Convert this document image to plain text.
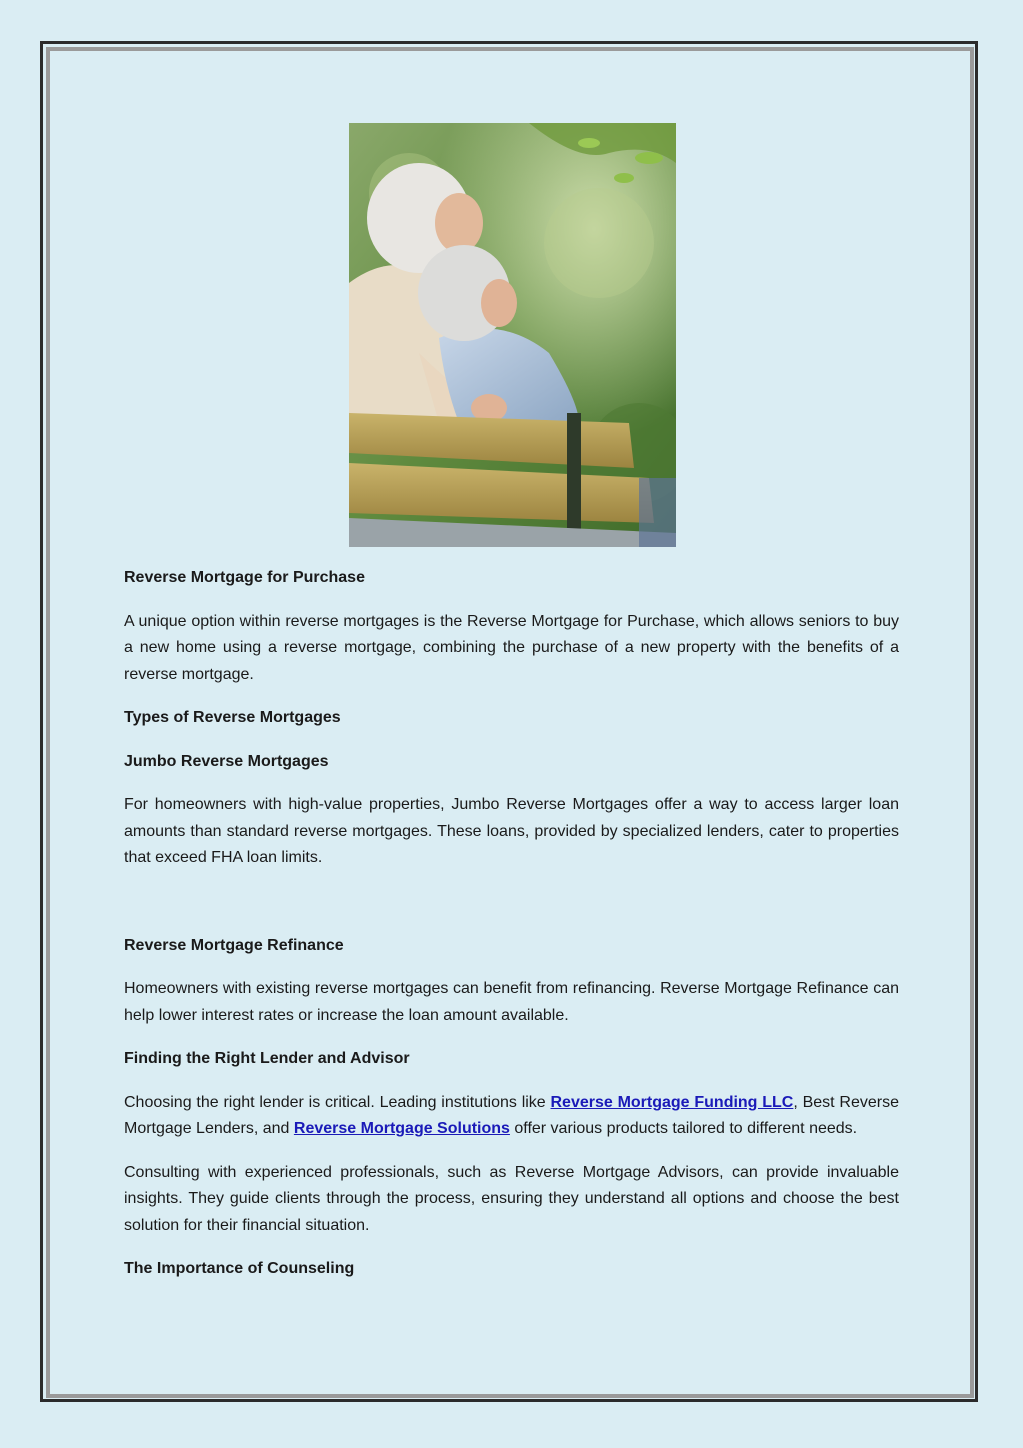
Reverse Mortgage for Purchase

A unique option within reverse mortgages is the Reverse Mortgage for Purchase, which allows seniors to buy a new home using a reverse mortgage, combining the purchase of a new property with the benefits of a reverse mortgage.

Types of Reverse Mortgages

Jumbo Reverse Mortgages

For homeowners with high-value properties, Jumbo Reverse Mortgages offer a way to access larger loan amounts than standard reverse mortgages. These loans, provided by specialized lenders, cater to properties that exceed FHA loan limits.

Reverse Mortgage Refinance

Homeowners with existing reverse mortgages can benefit from refinancing. Reverse Mortgage Refinance can help lower interest rates or increase the loan amount available.

Finding the Right Lender and Advisor

Choosing the right lender is critical. Leading institutions like Reverse Mortgage Funding LLC, Best Reverse Mortgage Lenders, and Reverse Mortgage Solutions offer various products tailored to different needs.

Consulting with experienced professionals, such as Reverse Mortgage Advisors, can provide invaluable insights. They guide clients through the process, ensuring they understand all options and choose the best solution for their financial situation.

The Importance of Counseling
